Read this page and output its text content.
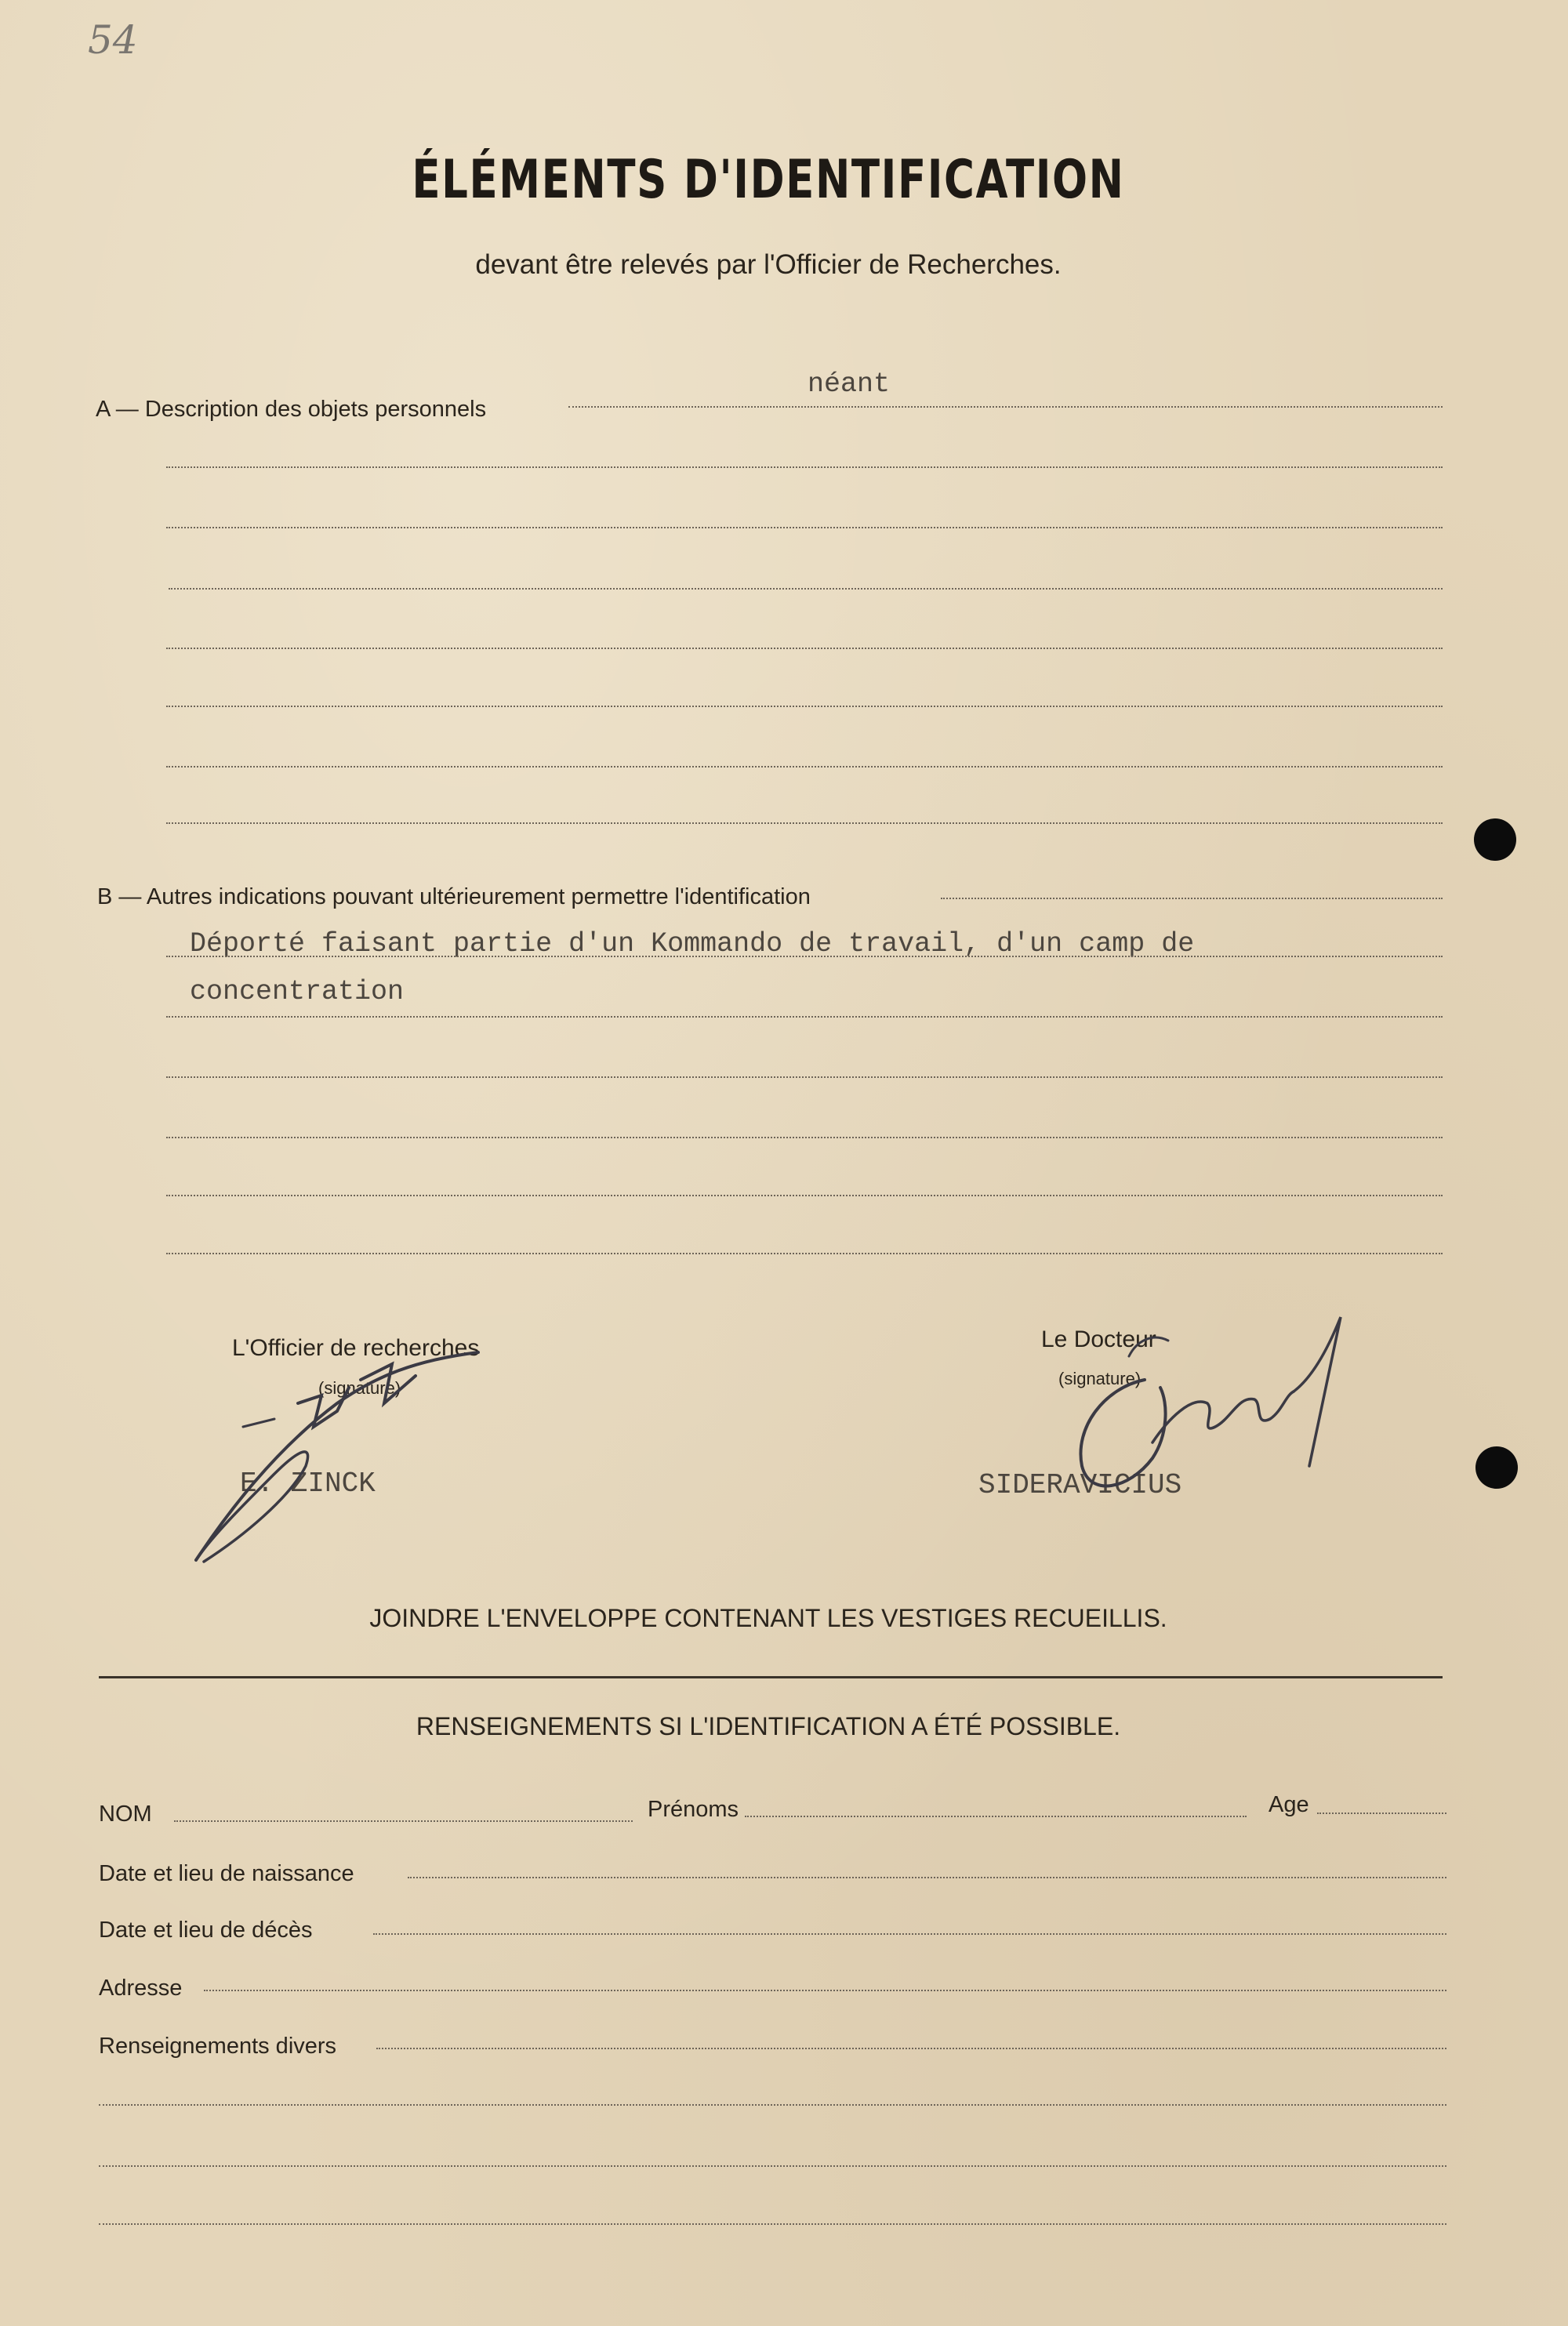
54
ÉLÉMENTS D'IDENTIFICATION
devant être relevés par l'Officier de Recherches.
A — Description des objets personnels
néant
B — Autres indications pouvant ultérieurement permettre l'identification
Déporté faisant partie d'un Kommando de travail, d'un camp de
concentration
L'Officier de recherches
(signature)
E. ZINCK
Le Docteur
(signature)
SIDERAVICIUS
JOINDRE L'ENVELOPPE CONTENANT LES VESTIGES RECUEILLIS.
RENSEIGNEMENTS SI L'IDENTIFICATION A ÉTÉ POSSIBLE.
NOM	Prénoms	Age
Date et lieu de naissance
Date et lieu de décès
Adresse
Renseignements divers
